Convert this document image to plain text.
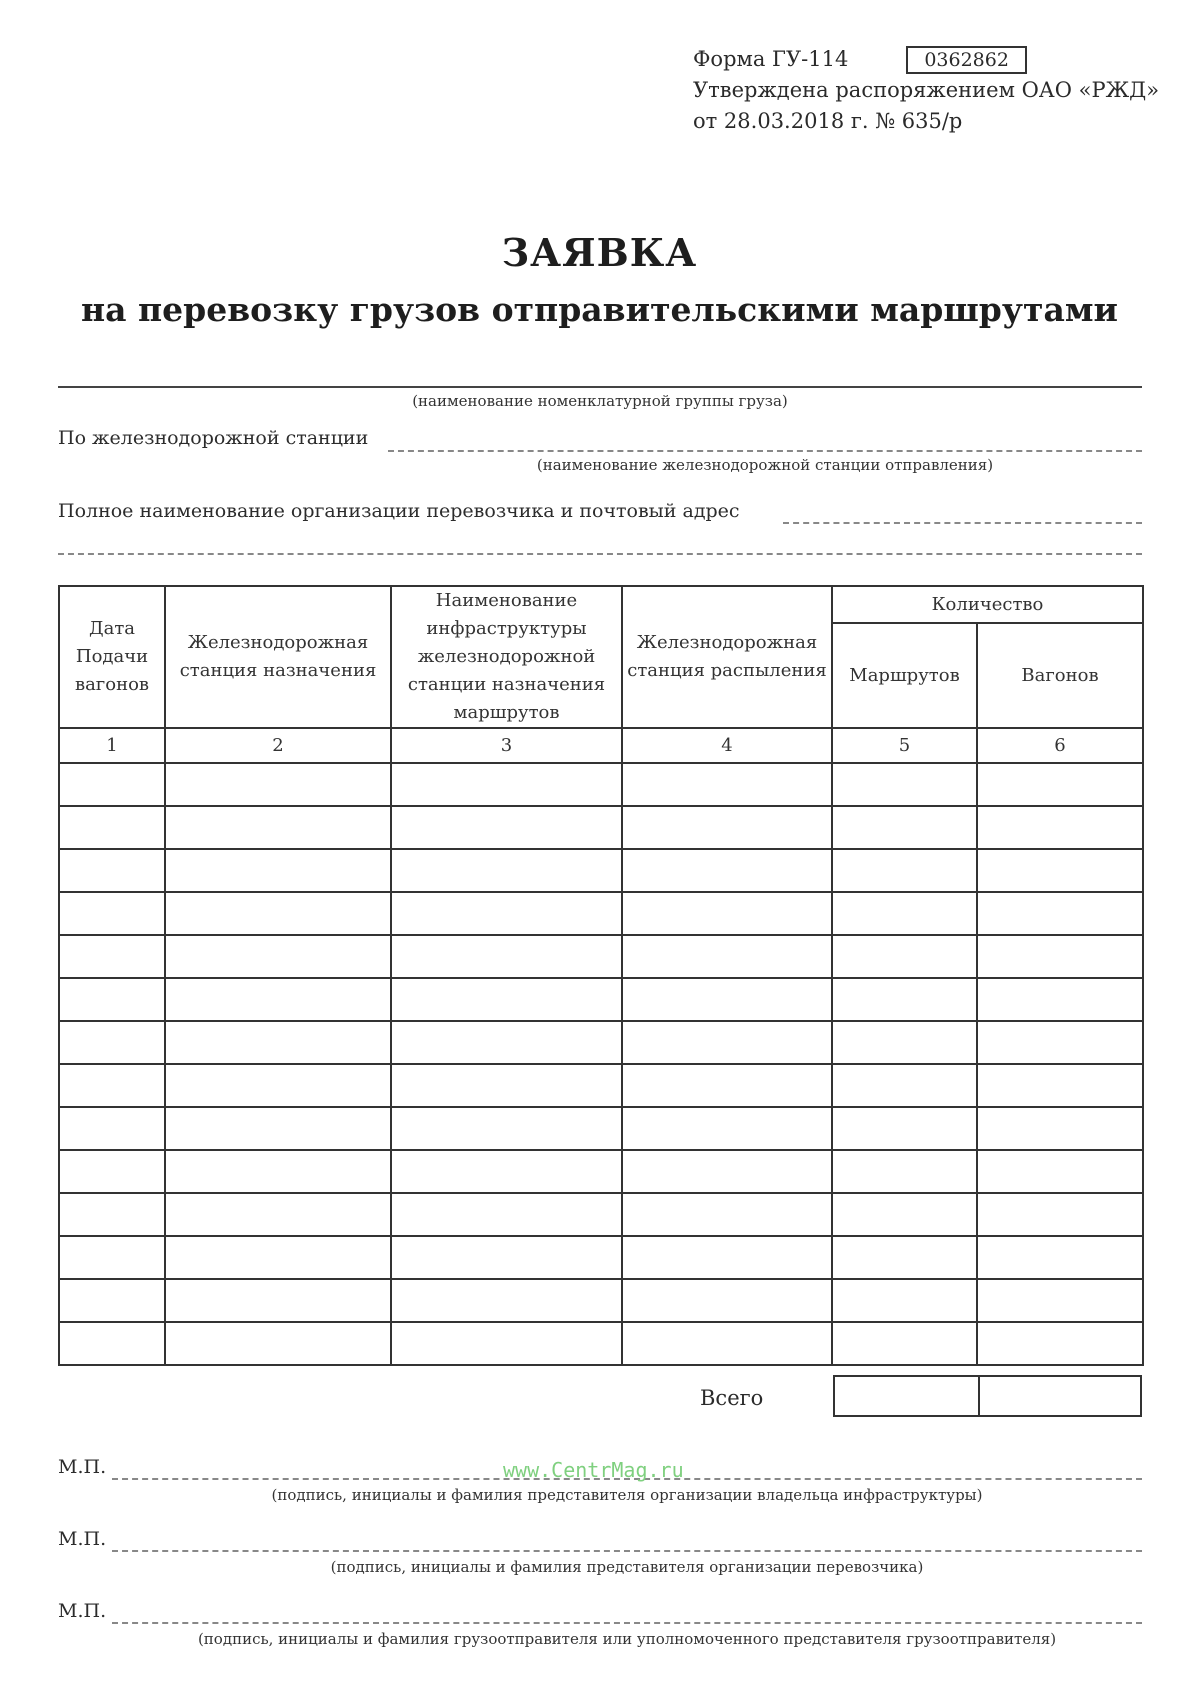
Форма ГУ-114	0362862
Утверждена распоряжением ОАО «РЖД»
от 28.03.2018 г. № 635/р
ЗАЯВКА
на перевозку грузов отправительскими маршрутами
(наименование номенклатурной группы груза)
По железнодорожной станции
(наименование железнодорожной станции отправления)
Полное наименование организации перевозчика и почтовый адрес
Дата Подачи вагонов	Железнодорожная станция назначения	Наименование инфраструктуры железнодорожной станции назначения маршрутов	Железнодорожная станция распыления	Количество	
				Маршрутов	Вагонов
1	2	3	4	5	6

Всего
М.П.
(подпись, инициалы и фамилия представителя организации владельца инфраструктуры)
М.П.
(подпись, инициалы и фамилия представителя организации перевозчика)
М.П.
(подпись, инициалы и фамилия грузоотправителя или уполномоченного представителя грузоотправителя)
www.CentrMag.ru
